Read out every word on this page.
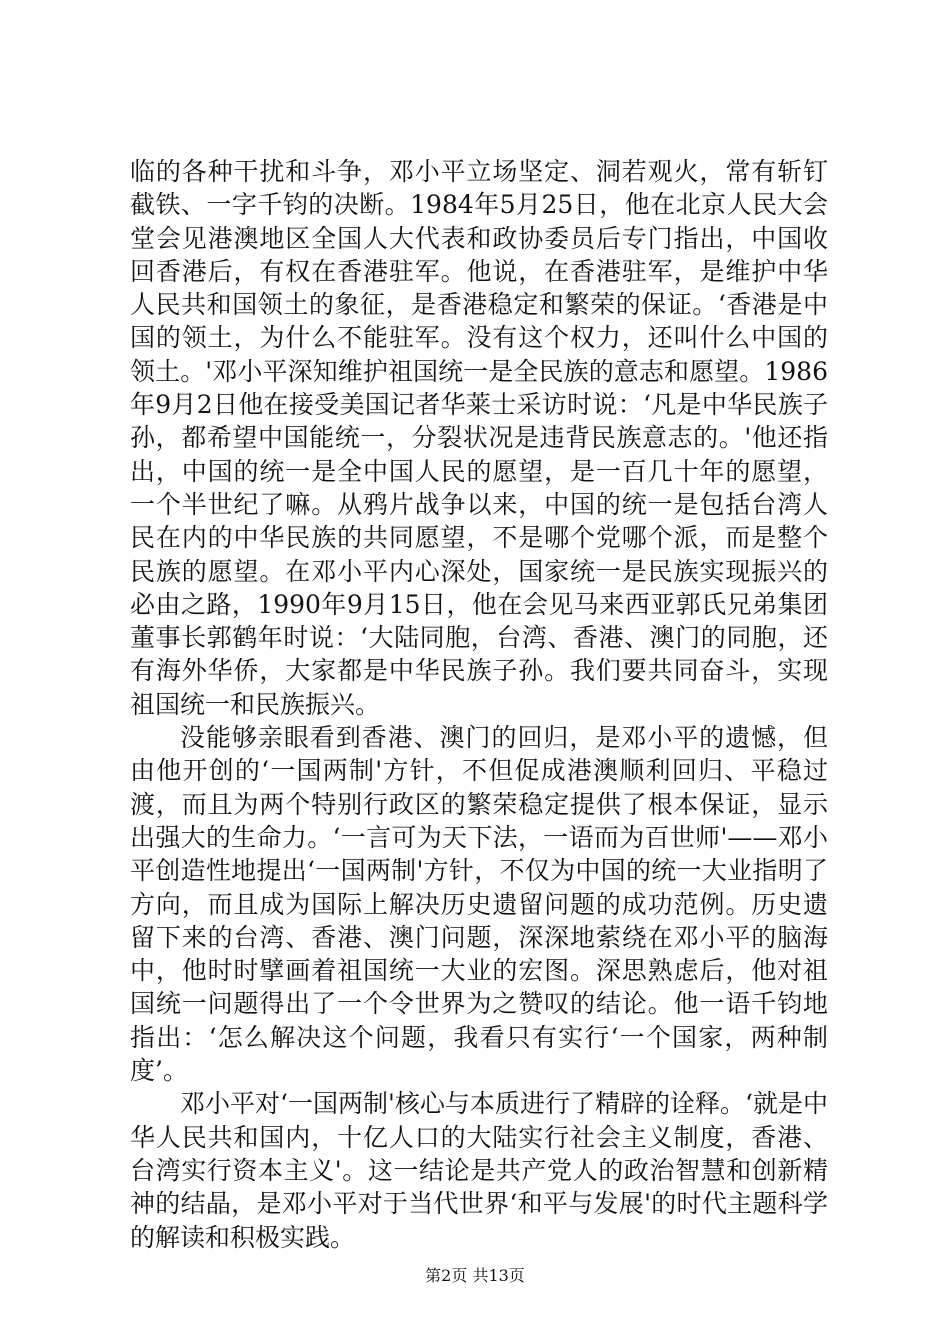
临的各种干扰和斗争，邓小平立场坚定、洞若观火，常有斩钉截铁、一字千钧的决断。1984年5月25日，他在北京人民大会堂会见港澳地区全国人大代表和政协委员后专门指出，中国收回香港后，有权在香港驻军。他说，在香港驻军，是维护中华人民共和国领土的象征，是香港稳定和繁荣的保证。‘香港是中国的领土，为什么不能驻军。没有这个权力，还叫什么中国的领土。'邓小平深知维护祖国统一是全民族的意志和愿望。1986年9月2日他在接受美国记者华莱士采访时说：‘凡是中华民族子孙，都希望中国能统一，分裂状况是违背民族意志的。'他还指出，中国的统一是全中国人民的愿望，是一百几十年的愿望，一个半世纪了嘛。从鸦片战争以来，中国的统一是包括台湾人民在内的中华民族的共同愿望，不是哪个党哪个派，而是整个民族的愿望。在邓小平内心深处，国家统一是民族实现振兴的必由之路，1990年9月15日，他在会见马来西亚郭氏兄弟集团董事长郭鹤年时说：‘大陆同胞，台湾、香港、澳门的同胞，还有海外华侨，大家都是中华民族子孙。我们要共同奋斗，实现祖国统一和民族振兴。

没能够亲眼看到香港、澳门的回归，是邓小平的遗憾，但由他开创的‘一国两制'方针，不但促成港澳顺利回归、平稳过渡，而且为两个特别行政区的繁荣稳定提供了根本保证，显示出强大的生命力。‘一言可为天下法，一语而为百世师'——邓小平创造性地提出‘一国两制'方针，不仅为中国的统一大业指明了方向，而且成为国际上解决历史遗留问题的成功范例。历史遗留下来的台湾、香港、澳门问题，深深地萦绕在邓小平的脑海中，他时时擘画着祖国统一大业的宏图。深思熟虑后，他对祖国统一问题得出了一个令世界为之赞叹的结论。他一语千钧地指出：‘怎么解决这个问题，我看只有实行‘一个国家，两种制度’。

邓小平对‘一国两制'核心与本质进行了精辟的诠释。‘就是中华人民共和国内，十亿人口的大陆实行社会主义制度，香港、台湾实行资本主义'。这一结论是共产党人的政治智慧和创新精神的结晶，是邓小平对于当代世界‘和平与发展'的时代主题科学的解读和积极实践。

第2页 共13页
